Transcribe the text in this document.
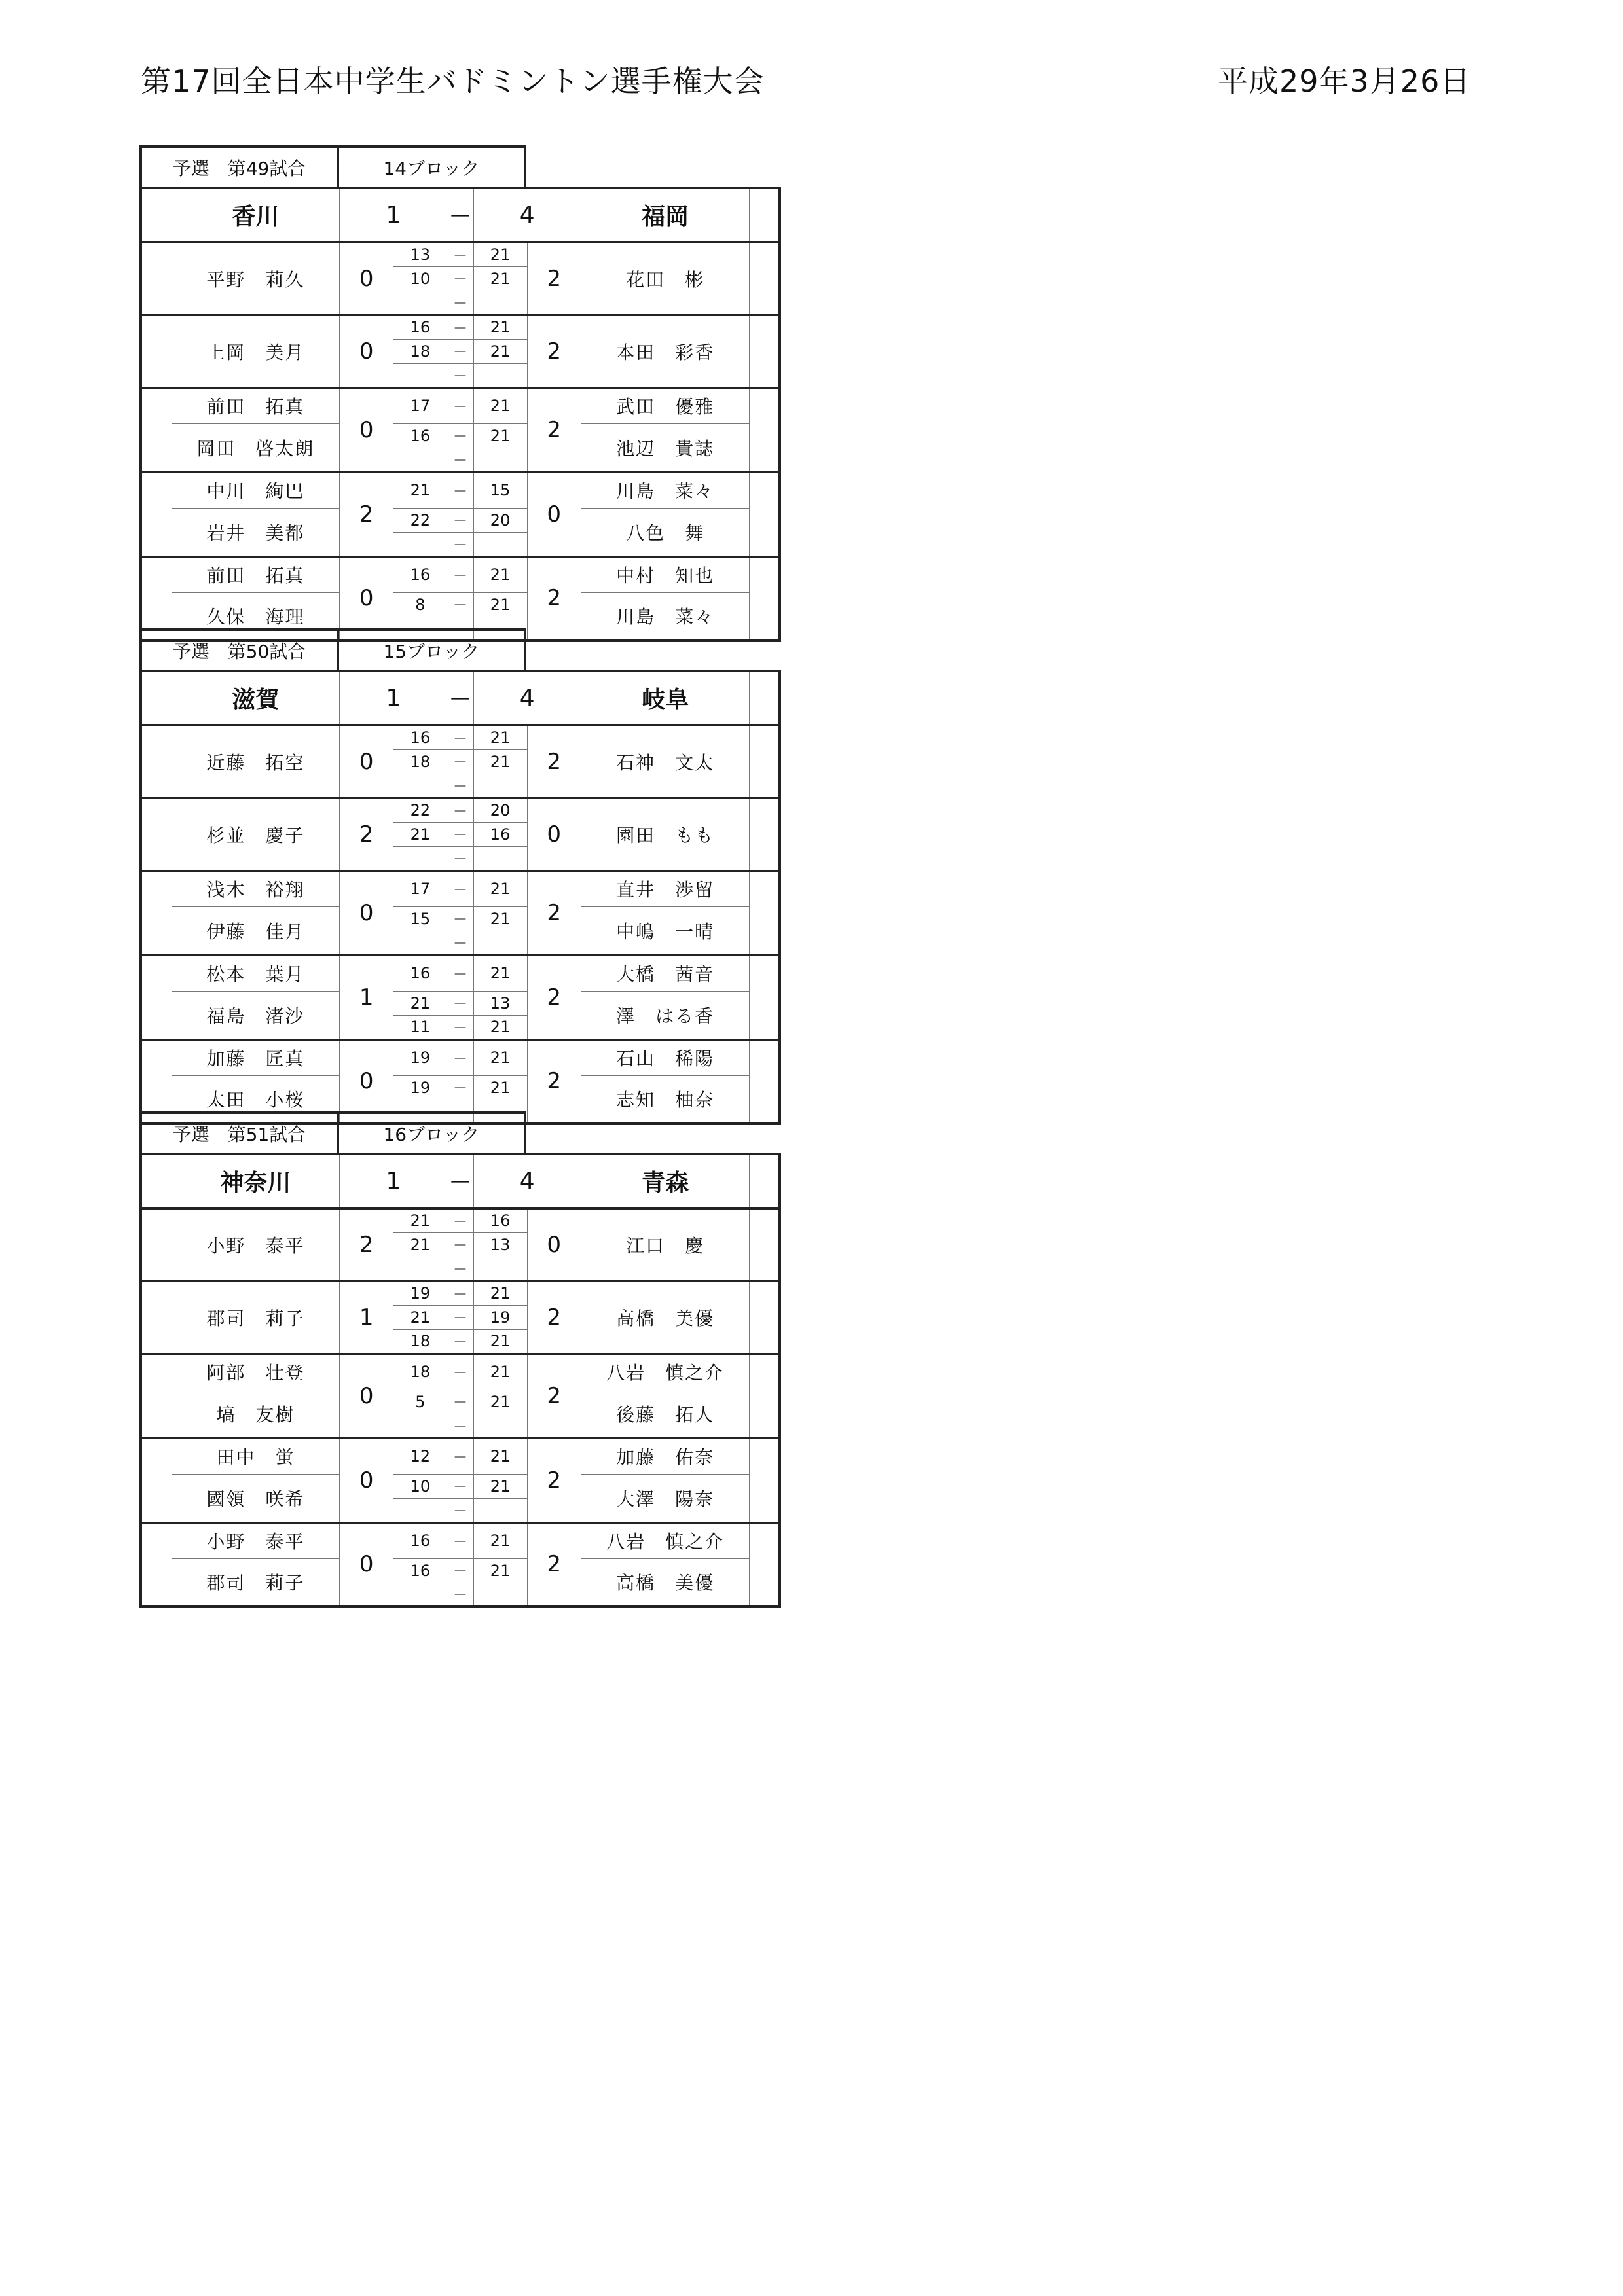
第17回全日本中学生バドミントン選手権大会	平成29年3月26日
予選　第49試合	14ブロック
	香川	1		－	4		福岡	
	平野　莉久	0	13	－	21	2	花田　彬	
			10	－	21			
				－				
	上岡　美月	0	16	－	21	2	本田　彩香	
			18	－	21			
				－				
	前田　拓真	0	17	－	21	2	武田　優雅	
	岡田　啓太朗		16	－	21		池辺　貴誌	
				－				
	中川　絢巴	2	21	－	15	0	川島　菜々	
	岩井　美都		22	－	20		八色　舞	
				－				
	前田　拓真	0	16	－	21	2	中村　知也	
	久保　海理		8	－	21		川島　菜々	
				－				
予選　第50試合	15ブロック
	滋賀	1		－	4		岐阜	
	近藤　拓空	0	16	－	21	2	石神　文太	
			18	－	21			
				－				
	杉並　慶子	2	22	－	20	0	園田　もも	
			21	－	16			
				－				
	浅木　裕翔	0	17	－	21	2	直井　渉留	
	伊藤　佳月		15	－	21		中嶋　一晴	
				－				
	松本　葉月	1	16	－	21	2	大橋　茜音	
	福島　渚沙		21	－	13		澤　はる香	
			11	－	21			
	加藤　匠真	0	19	－	21	2	石山　稀陽	
	太田　小桜		19	－	21		志知　柚奈	
				－				
予選　第51試合	16ブロック
	神奈川	1		－	4		青森	
	小野　泰平	2	21	－	16	0	江口　慶	
			21	－	13			
				－				
	郡司　莉子	1	19	－	21	2	高橋　美優	
			21	－	19			
			18	－	21			
	阿部　壮登	0	18	－	21	2	八岩　慎之介	
	塙　友樹		5	－	21		後藤　拓人	
				－				
	田中　蛍	0	12	－	21	2	加藤　佑奈	
	國領　咲希		10	－	21		大澤　陽奈	
				－				
	小野　泰平	0	16	－	21	2	八岩　慎之介	
	郡司　莉子		16	－	21		高橋　美優	
				－				
